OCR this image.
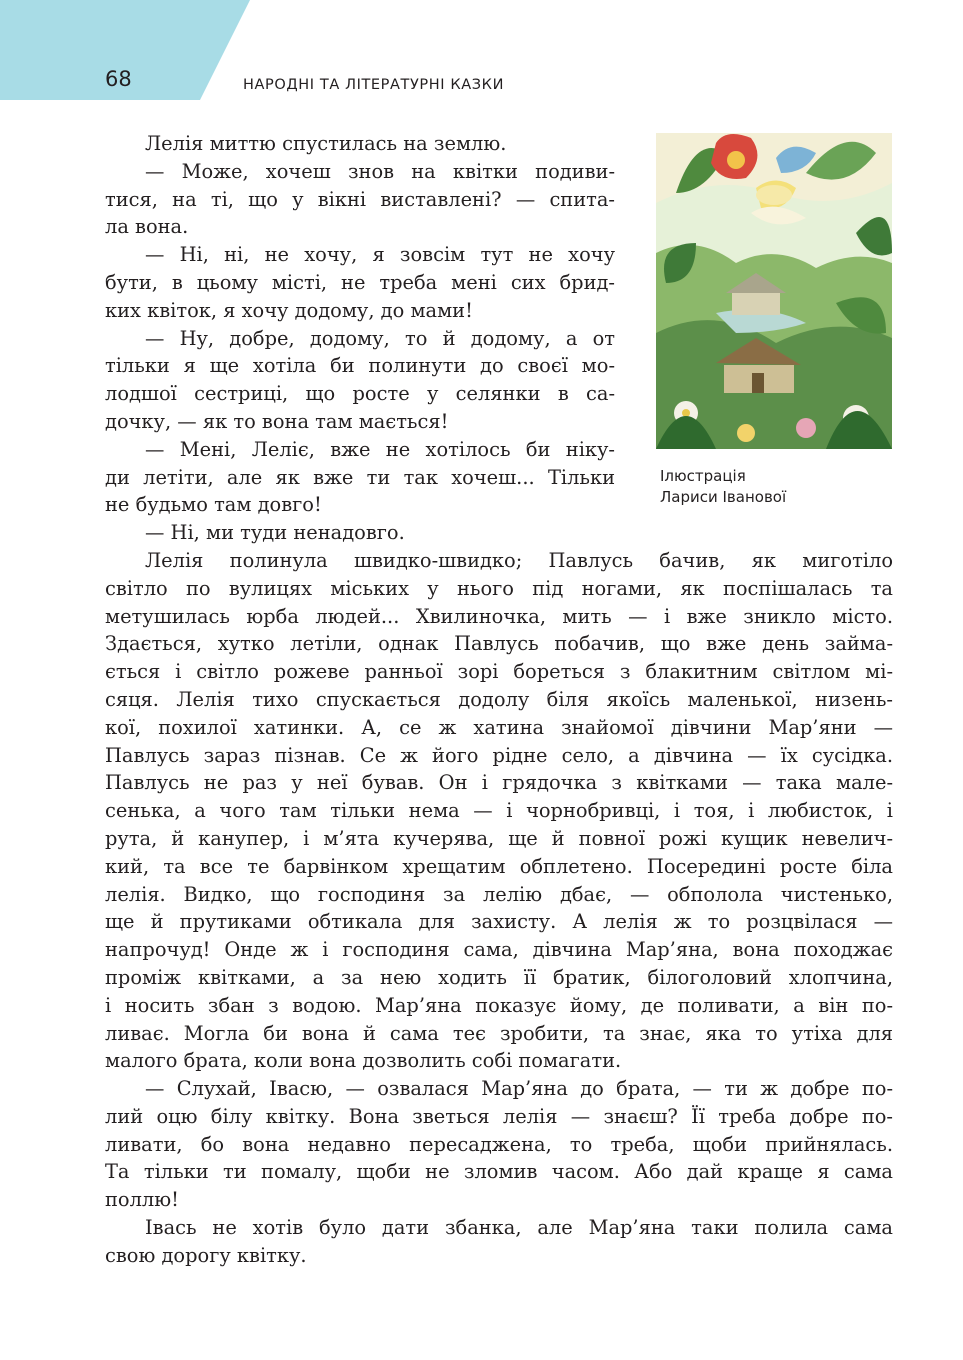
68	НАРОДНІ ТА ЛІТЕРАТУРНІ КАЗКИ
Ілюстрація
Лариси Іванової
Лелія миттю спустилась на землю.
— Може, хочеш знов на квітки подиви-
тися, на ті, що у вікні виставлені? — спита-
ла вона.
— Ні, ні, не хочу, я зовсім тут не хочу
бути, в цьому місті, не треба мені сих брид-
ких квіток, я хочу додому, до мами!
— Ну, добре, додому, то й додому, а от
тільки я ще хотіла би полинути до своєї мо-
лодшої сестриці, що росте у селянки в са-
дочку, — як то вона там мається!
— Мені, Леліє, вже не хотілось би ніку-
ди летіти, але як вже ти так хочеш... Тільки
не будьмо там довго!
— Ні, ми туди ненадовго.
Лелія полинула швидко-швидко; Павлусь бачив, як миготіло
світло по вулицях міських у нього під ногами, як поспішалась та
метушилась юрба людей... Хвилиночка, мить — і вже зникло місто.
Здається, хутко летіли, однак Павлусь побачив, що вже день займа-
ється і світло рожеве ранньої зорі бореться з блакитним світлом мі-
сяця. Лелія тихо спускається додолу біля якоїсь маленької, низень-
кої, похилої хатинки. А, се ж хатина знайомої дівчини Мар’яни —
Павлусь зараз пізнав. Се ж його рідне село, а дівчина — їх сусідка.
Павлусь не раз у неї бував. Он і грядочка з квітками — така мале-
сенька, а чого там тільки нема — і чорнобривці, і тоя, і любисток, і
рута, й канупер, і м’ята кучерява, ще й повної рожі кущик невелич-
кий, та все те барвінком хрещатим обплетено. Посередині росте біла
лелія. Видко, що господиня за лелію дбає, — обполола чистенько,
ще й прутиками обтикала для захисту. А лелія ж то розцвілася —
напрочуд! Онде ж і господиня сама, дівчина Мар’яна, вона походжає
проміж квітками, а за нею ходить її братик, білоголовий хлопчина,
і носить збан з водою. Мар’яна показує йому, де поливати, а він по-
ливає. Могла би вона й сама теє зробити, та знає, яка то утіха для
малого брата, коли вона дозволить собі помагати.
— Слухай, Івасю, — озвалася Мар’яна до брата, — ти ж добре по-
лий оцю білу квітку. Вона зветься лелія — знаєш? Її треба добре по-
ливати, бо вона недавно пересаджена, то треба, щоби прийнялась.
Та тільки ти помалу, щоби не зломив часом. Або дай краще я сама
поллю!
Івась не хотів було дати збанка, але Мар’яна таки полила сама
свою дорогу квітку.
